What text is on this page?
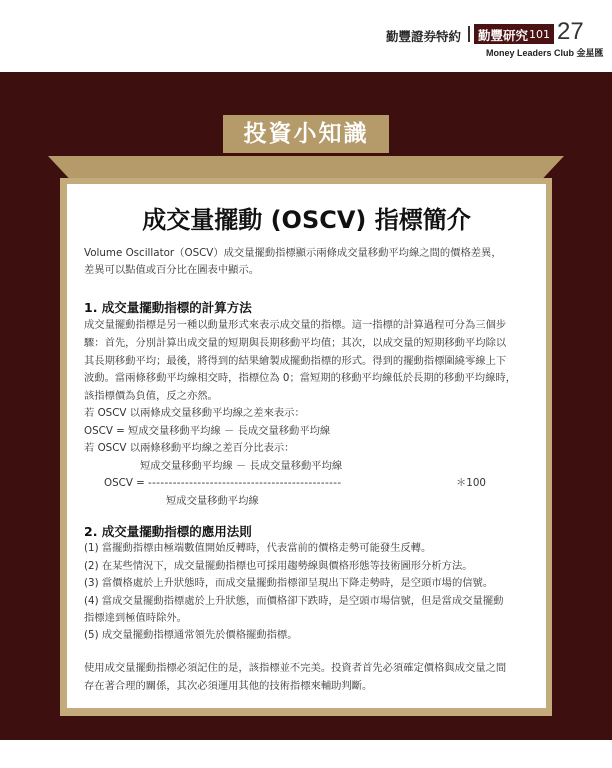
勤豐證券特約 勤豐研究 101 27
Money Leaders Club 金星匯
投資小知識
成交量擺動 (OSCV) 指標簡介
Volume Oscillator（OSCV）成交量擺動指標顯示兩條成交量移動平均線之間的價格差異，
差異可以點值或百分比在圖表中顯示。
1. 成交量擺動指標的計算方法
成交量擺動指標是另一種以動量形式來表示成交量的指標。這一指標的計算過程可分為三個步
驟：首先，分別計算出成交量的短期與長期移動平均值；其次，以成交量的短期移動平均除以
其長期移動平均；最後，將得到的結果繪製成擺動指標的形式。得到的擺動指標圍繞零線上下
波動。當兩條移動平均線相交時，指標位為 0；當短期的移動平均線低於長期的移動平均線時，
該指標價為負值，反之亦然。
若 OSCV 以兩條成交量移動平均線之差來表示：
OSCV = 短成交量移動平均線 － 長成交量移動平均線
若 OSCV 以兩條移動平均線之差百分比表示：
短成交量移動平均線 － 長成交量移動平均線
OSCV = -----------------------------------------------	＊100
短成交量移動平均線
2. 成交量擺動指標的應用法則
(1) 當擺動指標由極端數值開始反轉時，代表當前的價格走勢可能發生反轉。
(2) 在某些情況下，成交量擺動指標也可採用趨勢線與價格形態等技術圖形分析方法。
(3) 當價格處於上升狀態時，而成交量擺動指標卻呈現出下降走勢時，是空頭市場的信號。
(4) 當成交量擺動指標處於上升狀態，而價格卻下跌時，是空頭市場信號，但是當成交量擺動
指標達到極值時除外。
(5) 成交量擺動指標通常領先於價格擺動指標。
使用成交量擺動指標必須記住的是，該指標並不完美。投資者首先必須確定價格與成交量之間
存在著合理的關係，其次必須運用其他的技術指標來輔助判斷。
